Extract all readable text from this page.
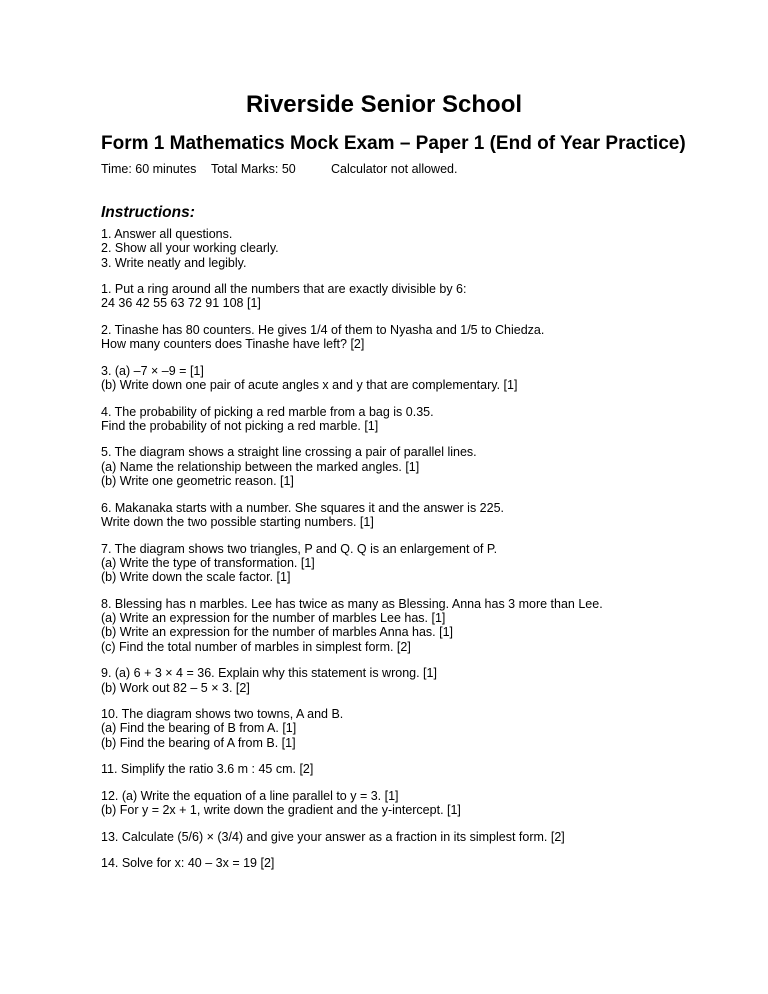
Riverside Senior School
Form 1 Mathematics Mock Exam – Paper 1 (End of Year Practice)
Time: 60 minutes Total Marks: 50	Calculator not allowed.
Instructions:
1. Answer all questions.
2. Show all your working clearly.
3. Write neatly and legibly.
1. Put a ring around all the numbers that are exactly divisible by 6:
24 36 42 55 63 72 91 108 [1]
2. Tinashe has 80 counters. He gives 1/4 of them to Nyasha and 1/5 to Chiedza.
How many counters does Tinashe have left? [2]
3. (a) –7 × –9 = [1]
(b) Write down one pair of acute angles x and y that are complementary. [1]
4. The probability of picking a red marble from a bag is 0.35.
Find the probability of not picking a red marble. [1]
5. The diagram shows a straight line crossing a pair of parallel lines.
(a) Name the relationship between the marked angles. [1]
(b) Write one geometric reason. [1]
6. Makanaka starts with a number. She squares it and the answer is 225.
Write down the two possible starting numbers. [1]
7. The diagram shows two triangles, P and Q. Q is an enlargement of P.
(a) Write the type of transformation. [1]
(b) Write down the scale factor. [1]
8. Blessing has n marbles. Lee has twice as many as Blessing. Anna has 3 more than Lee.
(a) Write an expression for the number of marbles Lee has. [1]
(b) Write an expression for the number of marbles Anna has. [1]
(c) Find the total number of marbles in simplest form. [2]
9. (a) 6 + 3 × 4 = 36. Explain why this statement is wrong. [1]
(b) Work out 82 – 5 × 3. [2]
10. The diagram shows two towns, A and B.
(a) Find the bearing of B from A. [1]
(b) Find the bearing of A from B. [1]
11. Simplify the ratio 3.6 m : 45 cm. [2]
12. (a) Write the equation of a line parallel to y = 3. [1]
(b) For y = 2x + 1, write down the gradient and the y-intercept. [1]
13. Calculate (5/6) × (3/4) and give your answer as a fraction in its simplest form. [2]
14. Solve for x: 40 – 3x = 19 [2]
